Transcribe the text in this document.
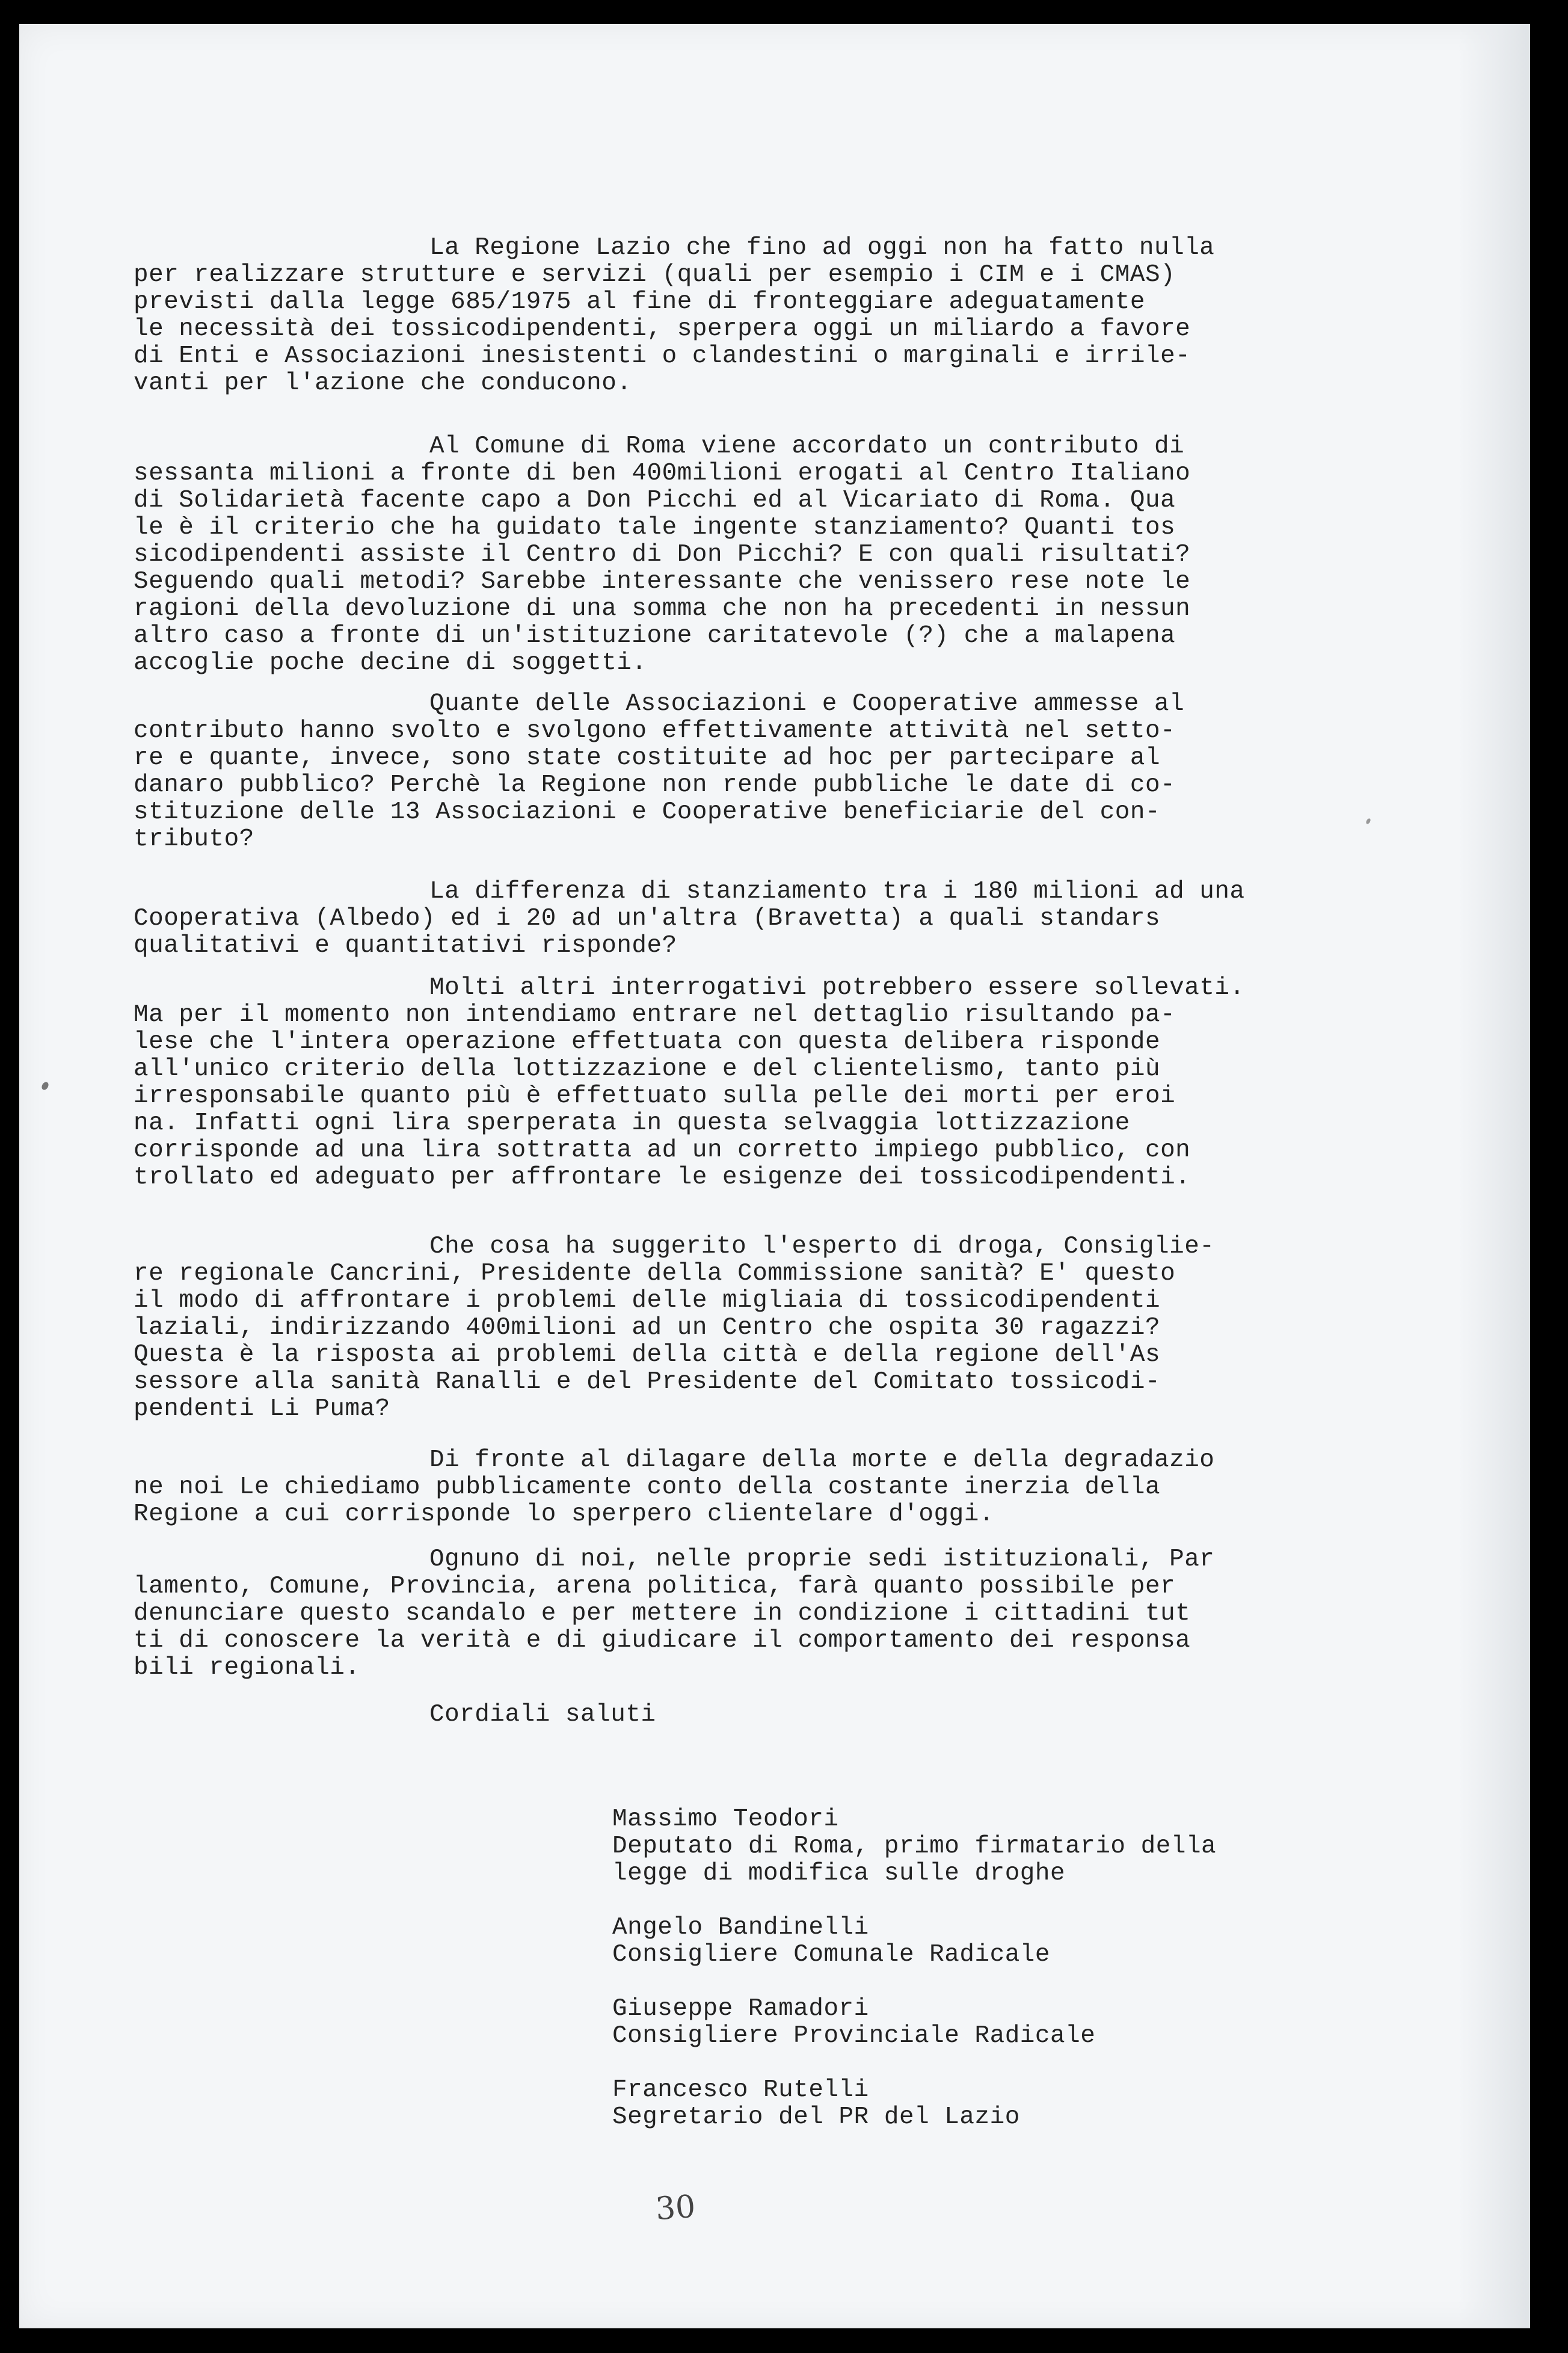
La Regione Lazio che fino ad oggi non ha fatto nulla
per realizzare strutture e servizi (quali per esempio i CIM e i CMAS)
previsti dalla legge 685/1975 al fine di fronteggiare adeguatamente
le necessità dei tossicodipendenti, sperpera oggi un miliardo a favore
di Enti e Associazioni inesistenti o clandestini o marginali e irrile-
vanti per l'azione che conducono.
Al Comune di Roma viene accordato un contributo di
sessanta milioni a fronte di ben 400milioni erogati al Centro Italiano
di Solidarietà facente capo a Don Picchi ed al Vicariato di Roma. Qua
le è il criterio che ha guidato tale ingente stanziamento? Quanti tos
sicodipendenti assiste il Centro di Don Picchi? E con quali risultati?
Seguendo quali metodi? Sarebbe interessante che venissero rese note le
ragioni della devoluzione di una somma che non ha precedenti in nessun
altro caso a fronte di un'istituzione caritatevole (?) che a malapena
accoglie poche decine di soggetti.
Quante delle Associazioni e Cooperative ammesse al
contributo hanno svolto e svolgono effettivamente attività nel setto-
re e quante, invece, sono state costituite ad hoc per partecipare al
danaro pubblico? Perchè la Regione non rende pubbliche le date di co-
stituzione delle 13 Associazioni e Cooperative beneficiarie del con-
tributo?
La differenza di stanziamento tra i 180 milioni ad una
Cooperativa (Albedo) ed i 20 ad un'altra (Bravetta) a quali standars
qualitativi e quantitativi risponde?
Molti altri interrogativi potrebbero essere sollevati.
Ma per il momento non intendiamo entrare nel dettaglio risultando pa-
lese che l'intera operazione effettuata con questa delibera risponde
all'unico criterio della lottizzazione e del clientelismo, tanto più
irresponsabile quanto più è effettuato sulla pelle dei morti per eroi
na. Infatti ogni lira sperperata in questa selvaggia lottizzazione
corrisponde ad una lira sottratta ad un corretto impiego pubblico, con
trollato ed adeguato per affrontare le esigenze dei tossicodipendenti.
Che cosa ha suggerito l'esperto di droga, Consiglie-
re regionale Cancrini, Presidente della Commissione sanità? E' questo
il modo di affrontare i problemi delle migliaia di tossicodipendenti
laziali, indirizzando 400milioni ad un Centro che ospita 30 ragazzi?
Questa è la risposta ai problemi della città e della regione dell'As
sessore alla sanità Ranalli e del Presidente del Comitato tossicodi-
pendenti Li Puma?
Di fronte al dilagare della morte e della degradazio
ne noi Le chiediamo pubblicamente conto della costante inerzia della
Regione a cui corrisponde lo sperpero clientelare d'oggi.
Ognuno di noi, nelle proprie sedi istituzionali, Par
lamento, Comune, Provincia, arena politica, farà quanto possibile per
denunciare questo scandalo e per mettere in condizione i cittadini tut
ti di conoscere la verità e di giudicare il comportamento dei responsa
bili regionali.
Cordiali saluti
Massimo Teodori
Deputato di Roma, primo firmatario della
legge di modifica sulle droghe
Angelo Bandinelli
Consigliere Comunale Radicale
Giuseppe Ramadori
Consigliere Provinciale Radicale
Francesco Rutelli
Segretario del PR del Lazio
30
